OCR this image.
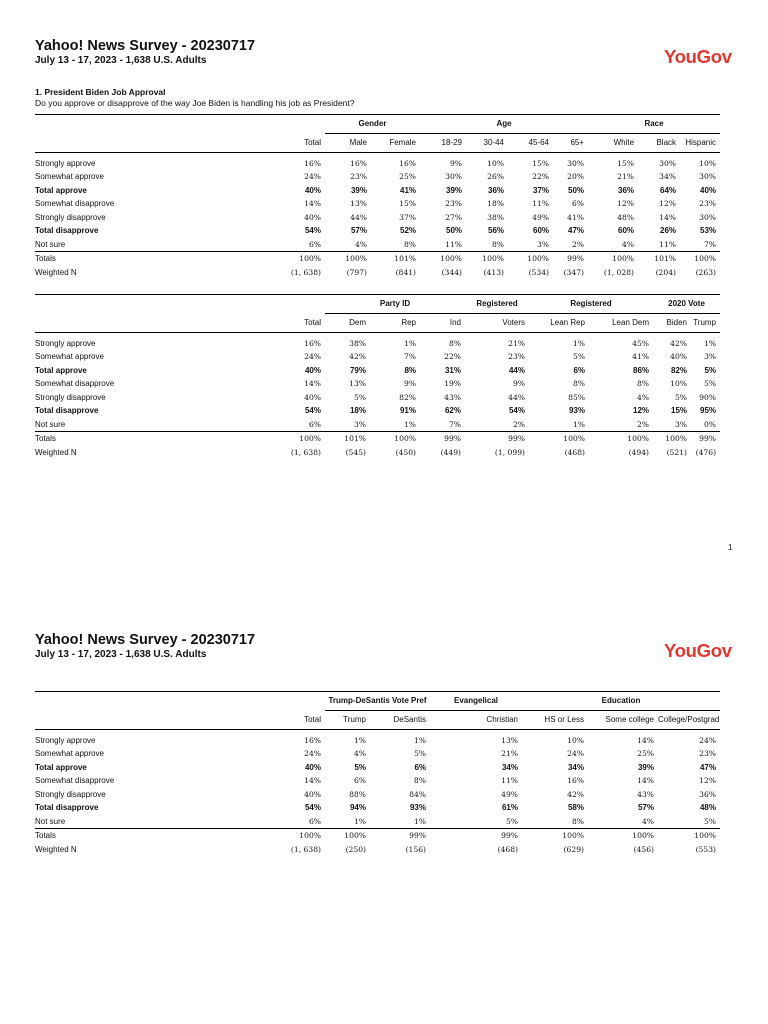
Yahoo! News Survey - 20230717
July 13 - 17, 2023 - 1,638 U.S. Adults	YouGov
1. President Biden Job Approval
Do you approve or disapprove of the way Joe Biden is handling his job as President?
		Gender		Age				Race		
	Total	Male	Female	18-29	30-44	45-64	65+	White	Black	Hispanic

Strongly approve	16%	16%	16%	9%	10%	15%	30%	15%	30%	10%
Somewhat approve	24%	23%	25%	30%	26%	22%	20%	21%	34%	30%
Total approve	40%	39%	41%	39%	36%	37%	50%	36%	64%	40%
Somewhat disapprove	14%	13%	15%	23%	18%	11%	6%	12%	12%	23%
Strongly disapprove	40%	44%	37%	27%	38%	49%	41%	48%	14%	30%
Total disapprove	54%	57%	52%	50%	56%	60%	47%	60%	26%	53%
Not sure	6%	4%	8%	11%	8%	3%	2%	4%	11%	7%
Totals	100%	100%	101%	100%	100%	100%	99%	100%	101%	100%
Weighted N	(1, 638)	(797)	(841)	(344)	(413)	(534)	(347)	(1, 028)	(204)	(263)
		Party ID			Registered	Registered		2020 Vote	
	Total	Dem	Rep	Ind	Voters	Lean Rep	Lean Dem	Biden	Trump

Strongly approve	16%	38%	1%	8%	21%	1%	45%	42%	1%
Somewhat approve	24%	42%	7%	22%	23%	5%	41%	40%	3%
Total approve	40%	79%	8%	31%	44%	6%	86%	82%	5%
Somewhat disapprove	14%	13%	9%	19%	9%	8%	8%	10%	5%
Strongly disapprove	40%	5%	82%	43%	44%	85%	4%	5%	90%
Total disapprove	54%	18%	91%	62%	54%	93%	12%	15%	95%
Not sure	6%	3%	1%	7%	2%	1%	2%	3%	0%
Totals	100%	101%	100%	99%	99%	100%	100%	100%	99%
Weighted N	(1, 638)	(545)	(450)	(449)	(1, 099)	(468)	(494)	(521)	(476)
1
Yahoo! News Survey - 20230717
July 13 - 17, 2023 - 1,638 U.S. Adults	YouGov
		Trump-DeSantis Vote Pref		Evangelical	Education		
	Total	Trump	DeSantis	Christian	HS or Less	Some college	College/Postgrad

Strongly approve	16%	1%	1%	13%	10%	14%	24%
Somewhat approve	24%	4%	5%	21%	24%	25%	23%
Total approve	40%	5%	6%	34%	34%	39%	47%
Somewhat disapprove	14%	6%	8%	11%	16%	14%	12%
Strongly disapprove	40%	88%	84%	49%	42%	43%	36%
Total disapprove	54%	94%	93%	61%	58%	57%	48%
Not sure	6%	1%	1%	5%	8%	4%	5%
Totals	100%	100%	99%	99%	100%	100%	100%
Weighted N	(1, 638)	(250)	(156)	(468)	(629)	(456)	(553)
